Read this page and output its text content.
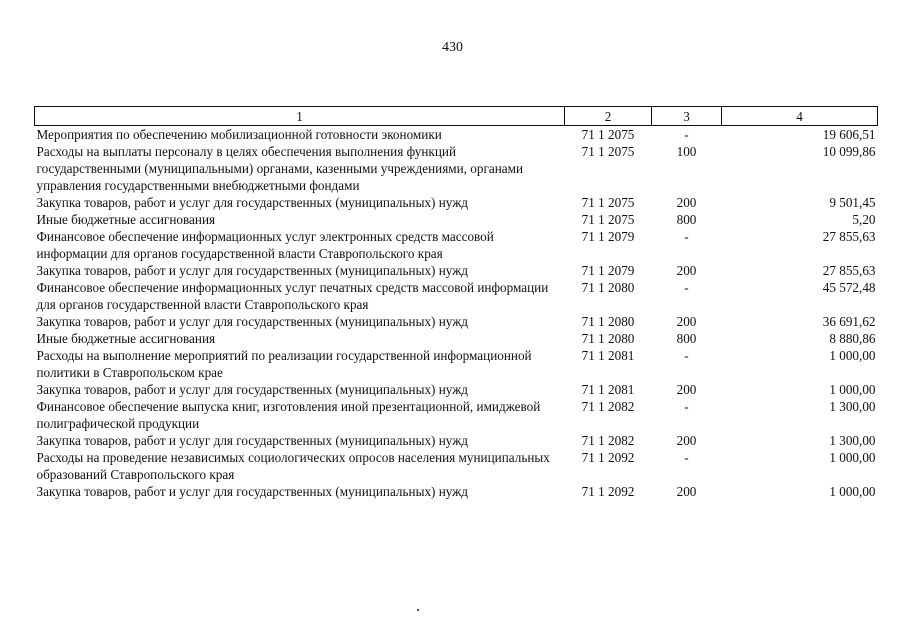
430
1	2	3	4
Мероприятия по обеспечению мобилизационной готовности экономики	71 1 2075	-	19 606,51
Расходы на выплаты персоналу в целях обеспечения выполнения функций государственными (муниципальными) органами, казенными учреждениями, органами управления государственными внебюджетными фондами	71 1 2075	100	10 099,86
Закупка товаров, работ и услуг для государственных (муниципальных) нужд	71 1 2075	200	9 501,45
Иные бюджетные ассигнования	71 1 2075	800	5,20
Финансовое обеспечение информационных услуг электронных средств массовой информации для органов государственной власти Ставропольского края	71 1 2079	-	27 855,63
Закупка товаров, работ и услуг для государственных (муниципальных) нужд	71 1 2079	200	27 855,63
Финансовое обеспечение информационных услуг печатных средств массовой информации для органов государственной власти Ставропольского края	71 1 2080	-	45 572,48
Закупка товаров, работ и услуг для государственных (муниципальных) нужд	71 1 2080	200	36 691,62
Иные бюджетные ассигнования	71 1 2080	800	8 880,86
Расходы на выполнение мероприятий по реализации государственной информационной политики в Ставропольском крае	71 1 2081	-	1 000,00
Закупка товаров, работ и услуг для государственных (муниципальных) нужд	71 1 2081	200	1 000,00
Финансовое обеспечение выпуска книг, изготовления иной презентационной, имиджевой полиграфической продукции	71 1 2082	-	1 300,00
Закупка товаров, работ и услуг для государственных (муниципальных) нужд	71 1 2082	200	1 300,00
Расходы на проведение независимых социологических опросов населения муниципальных образований Ставропольского края	71 1 2092	-	1 000,00
Закупка товаров, работ и услуг для государственных (муниципальных) нужд	71 1 2092	200	1 000,00
